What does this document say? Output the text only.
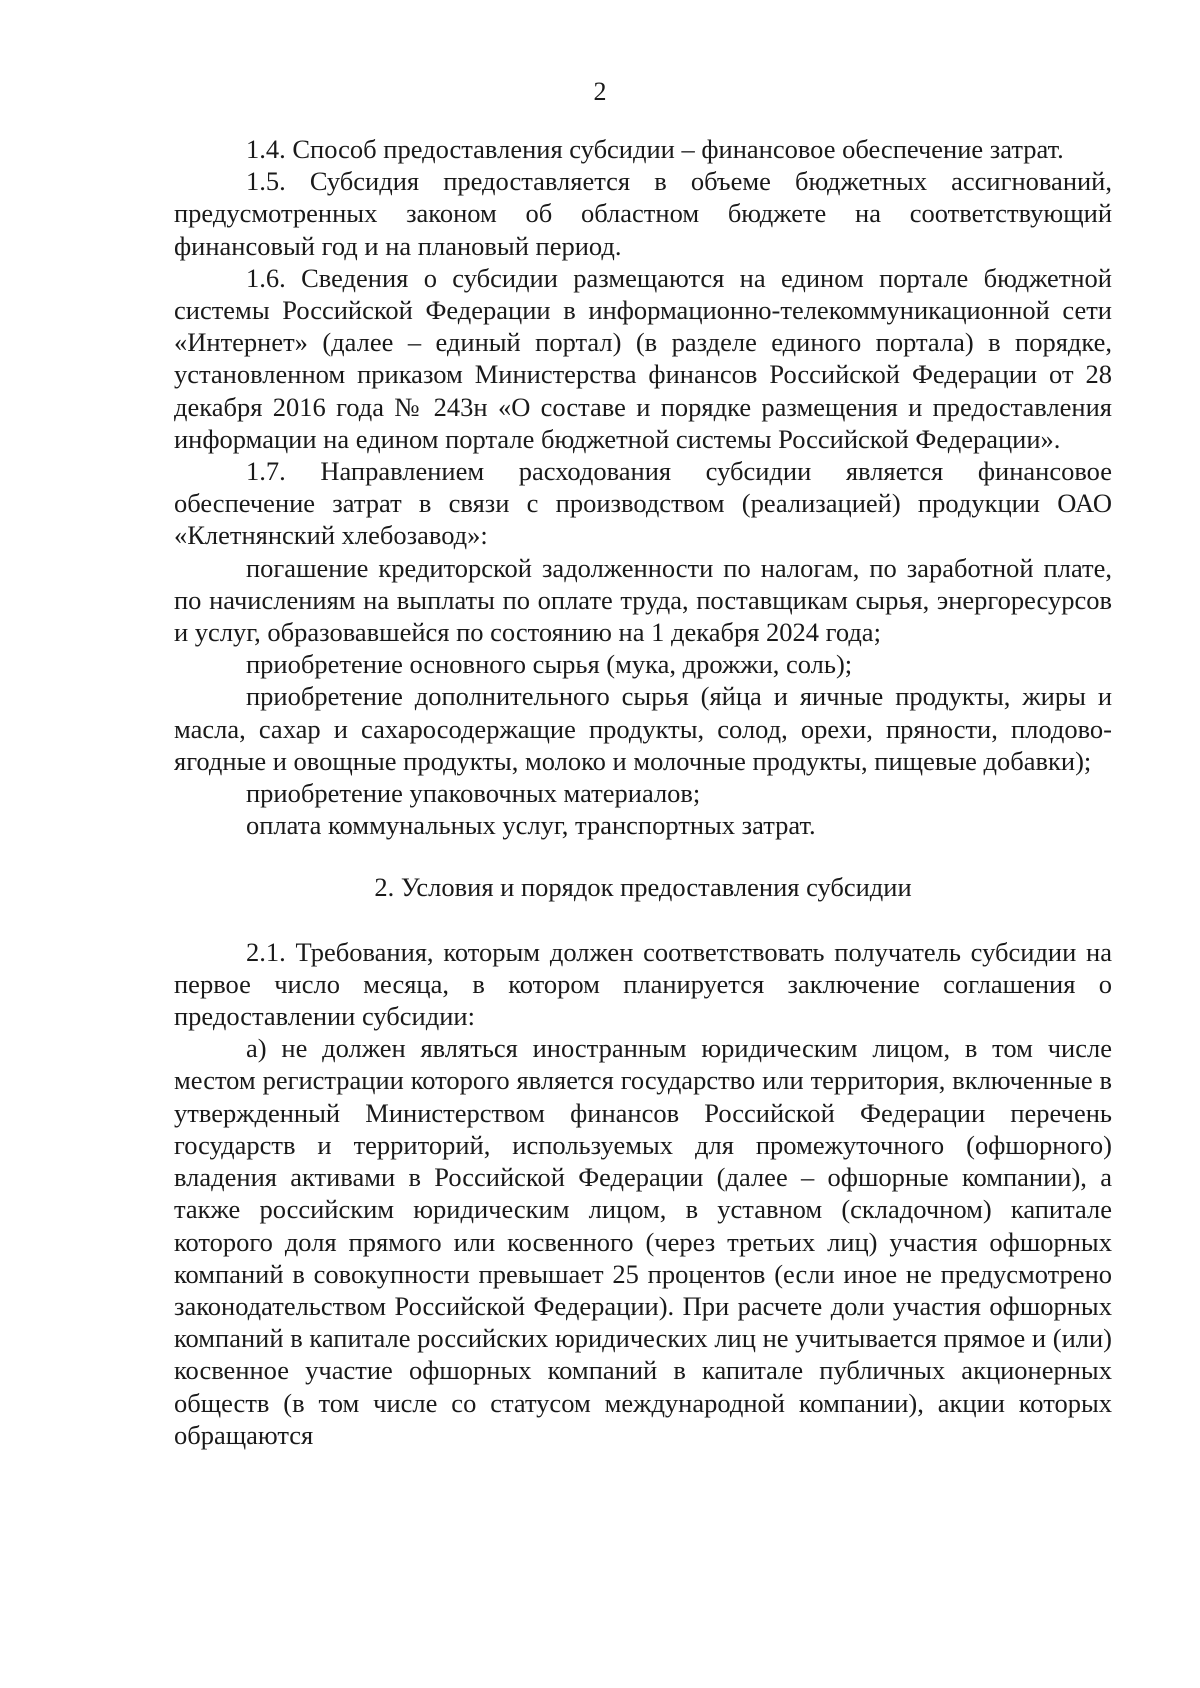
2

1.4. Способ предоставления субсидии – финансовое обеспечение затрат.

1.5. Субсидия предоставляется в объеме бюджетных ассигнований, предусмотренных законом об областном бюджете на соответствующий финансовый год и на плановый период.

1.6. Сведения о субсидии размещаются на едином портале бюджетной системы Российской Федерации в информационно-телекоммуникационной сети «Интернет» (далее – единый портал) (в разделе единого портала) в порядке, установленном приказом Министерства финансов Российской Федерации от 28 декабря 2016 года № 243н «О составе и порядке размещения и предоставления информации на едином портале бюджетной системы Российской Федерации».

1.7. Направлением расходования субсидии является финансовое обеспечение затрат в связи с производством (реализацией) продукции ОАО «Клетнянский хлебозавод»:

погашение кредиторской задолженности по налогам, по заработной плате, по начислениям на выплаты по оплате труда, поставщикам сырья, энергоресурсов и услуг, образовавшейся по состоянию на 1 декабря 2024 года;

приобретение основного сырья (мука, дрожжи, соль);

приобретение дополнительного сырья (яйца и яичные продукты, жиры и масла, сахар и сахаросодержащие продукты, солод, орехи, пряности, плодово-ягодные и овощные продукты, молоко и молочные продукты, пищевые добавки);

приобретение упаковочных материалов;

оплата коммунальных услуг, транспортных затрат.

2. Условия и порядок предоставления субсидии

2.1. Требования, которым должен соответствовать получатель субсидии на первое число месяца, в котором планируется заключение соглашения о предоставлении субсидии:

а) не должен являться иностранным юридическим лицом, в том числе местом регистрации которого является государство или территория, включенные в утвержденный Министерством финансов Российской Федерации перечень государств и территорий, используемых для промежуточного (офшорного) владения активами в Российской Федерации (далее – офшорные компании), а также российским юридическим лицом, в уставном (складочном) капитале которого доля прямого или косвенного (через третьих лиц) участия офшорных компаний в совокупности превышает 25 процентов (если иное не предусмотрено законодательством Российской Федерации). При расчете доли участия офшорных компаний в капитале российских юридических лиц не учитывается прямое и (или) косвенное участие офшорных компаний в капитале публичных акционерных обществ (в том числе со статусом международной компании), акции которых обращаются
